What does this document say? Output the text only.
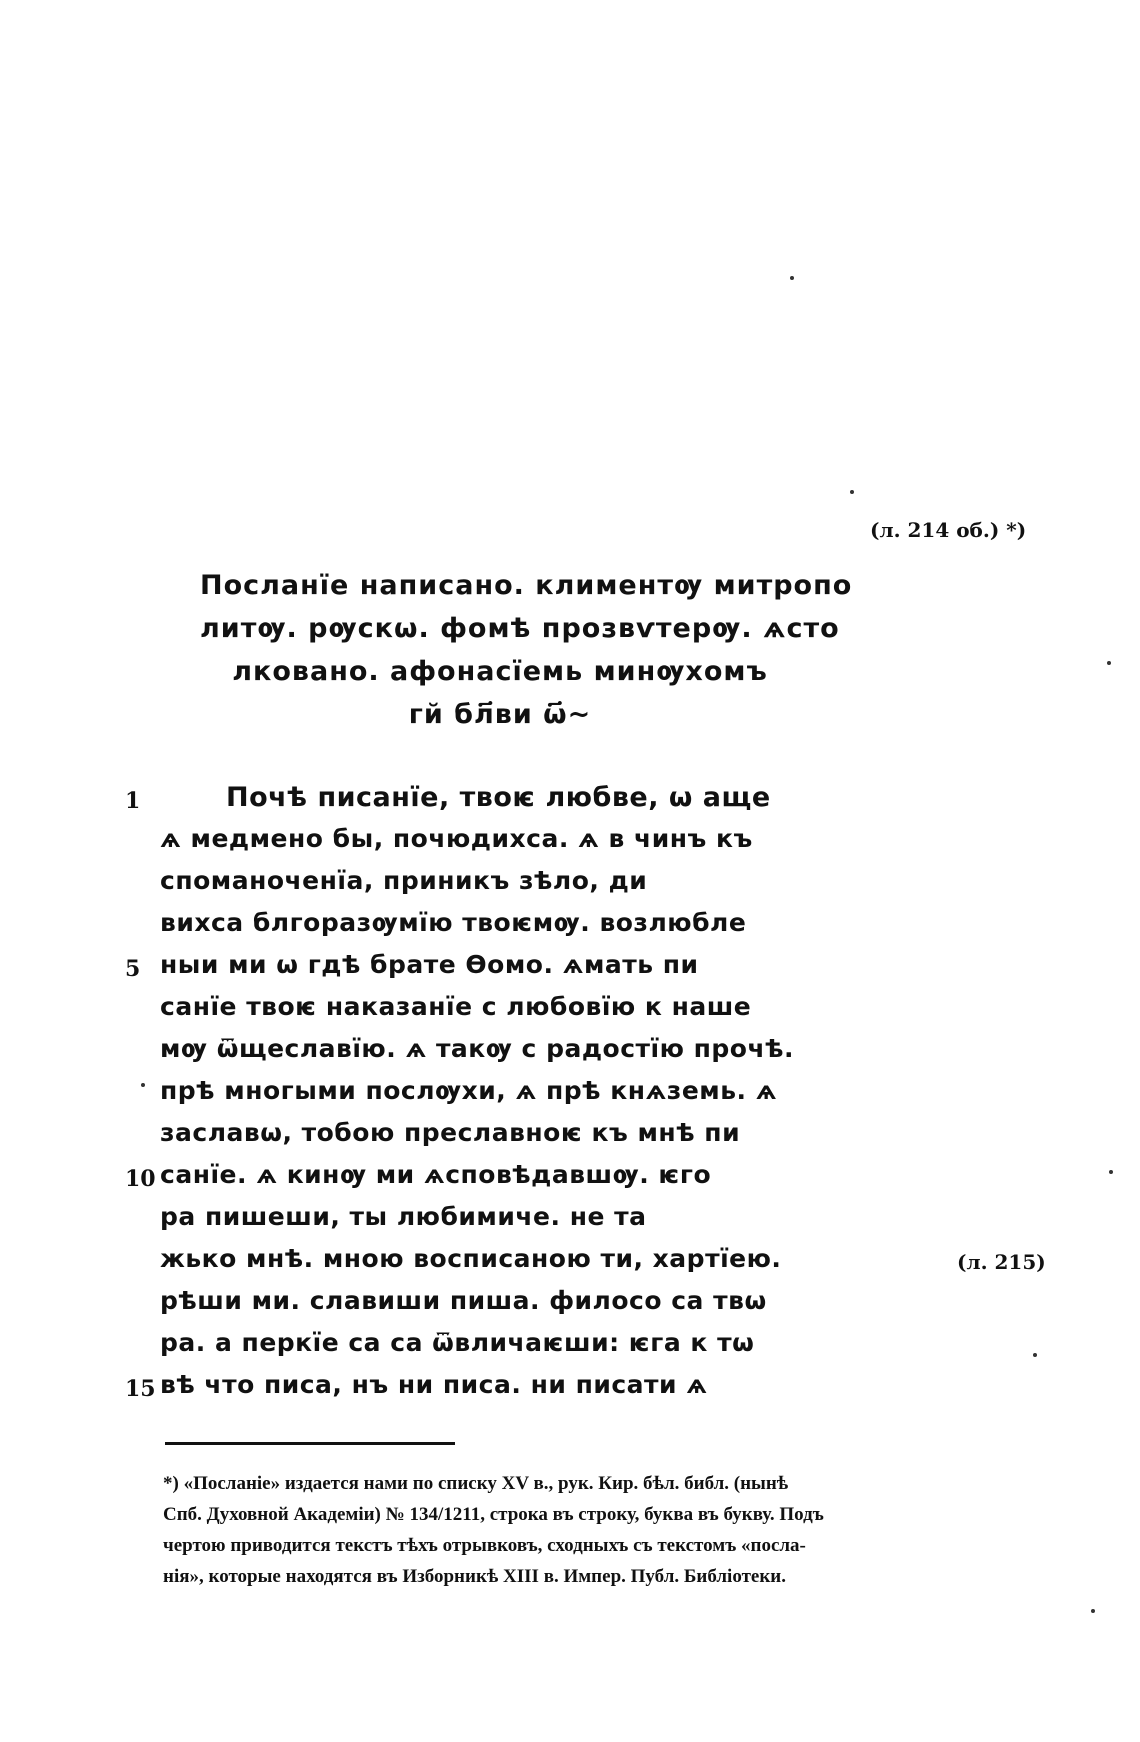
(л. 214 об.) *)
Посланїе написано. климентѹ митропо
литѹ. рѹскѡ. фомѣ прозвѵтерѹ. ѧсто
лковано. афонасїемь минѹхомъ
гй бл҃ви ѡ҃~
1	Почѣ писанїе, твоѥ любве, ѡ аще
ѧ медмено бы, почюдихса. ѧ в чинъ къ
споманоченїа, приникъ зѣло, ди
вихса блгоразѹмїю твоѥмѹ. возлюбле
5 ныи ми ѡ гдѣ брате Ѳомо. ѧмать пи
санїе твоѥ наказанїе с любовїю к наше
мѹ ѿщеславїю. ѧ такѹ с радостїю прочѣ.
прѣ многыми послѹхи, ѧ прѣ кнѧземь. ѧ
заславѡ, тобою преславноѥ къ мнѣ пи
10 санїе. ѧ кинѹ ми ѧсповѣдавшѹ. ѥго
ра пишеши, ты любимиче. не та
жько мнѣ. мною восписаною ти, хартїею.	(л. 215)
рѣши ми. славиши пиша. филосо са твѡ
ра. а перкїе са са ѿвличаѥши: ѥга к тѡ
15 вѣ что писа, нъ ни писа. ни писати ѧ
*) «Посланіе» издается нами по списку XV в., рук. Кир. бѣл. библ. (нынѣ
Спб. Духовной Академіи) № 134/1211, строка въ строку, буква въ букву. Подъ
чертою приводится текстъ тѣхъ отрывковъ, сходныхъ съ текстомъ «посла-
нія», которые находятся въ Изборникѣ XIII в. Импер. Публ. Библіотеки.
